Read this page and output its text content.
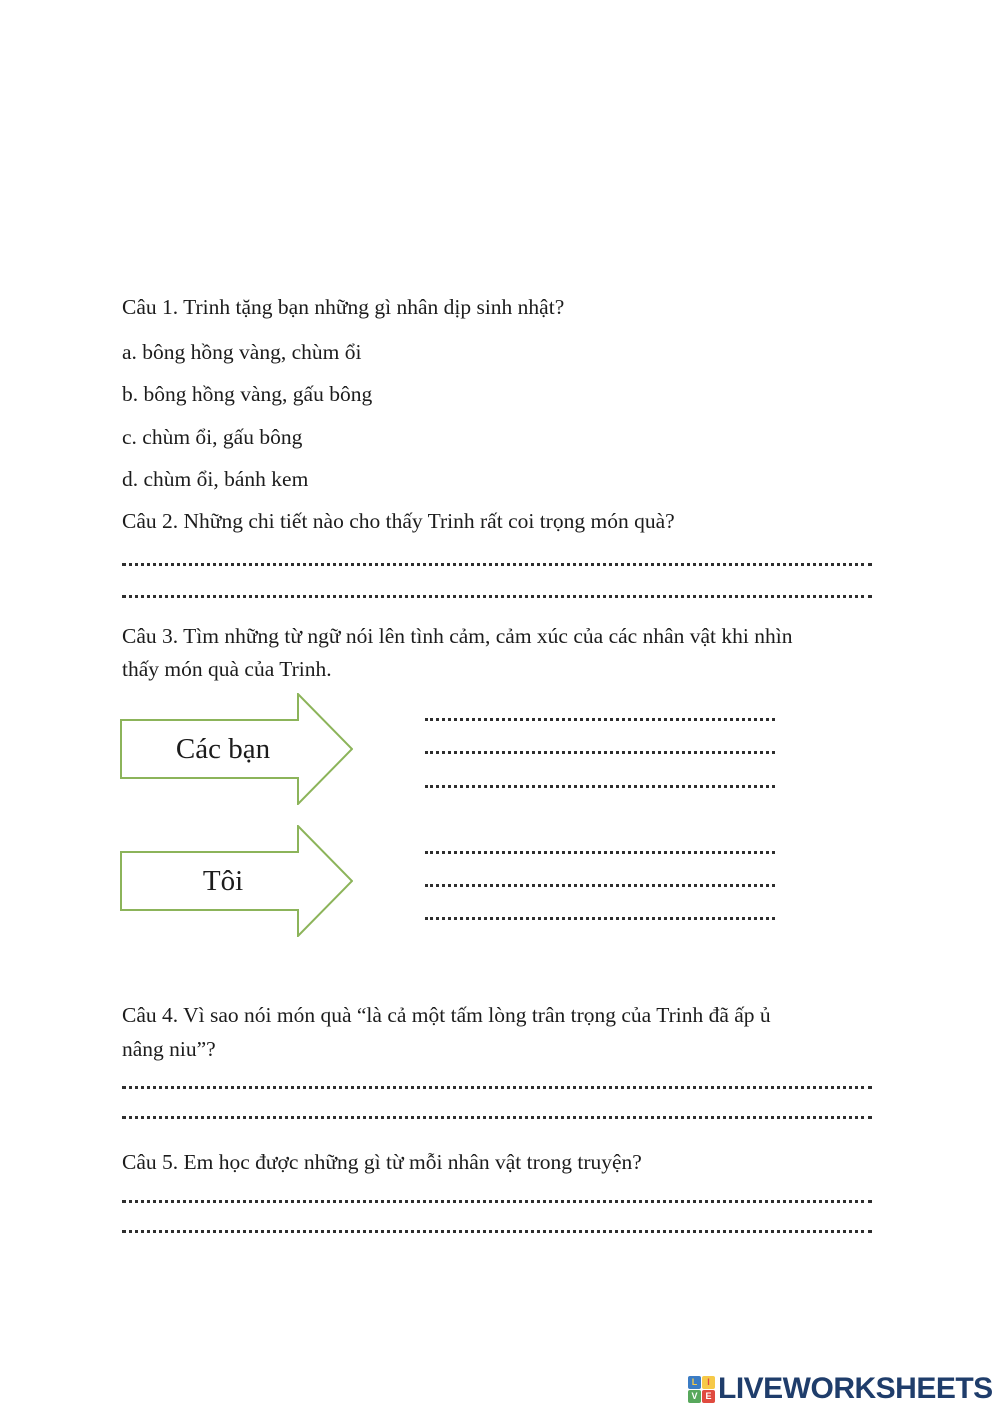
Câu 1. Trinh tặng bạn những gì nhân dịp sinh nhật?
a. bông hồng vàng, chùm ổi
b. bông hồng vàng, gấu bông
c. chùm ổi, gấu bông
d. chùm ổi, bánh kem
Câu 2. Những chi tiết nào cho thấy Trinh rất coi trọng món quà?
Câu 3. Tìm những từ ngữ nói lên tình cảm, cảm xúc của các nhân vật khi nhìn
thấy món quà của Trinh.
Các bạn
Tôi
Câu 4. Vì sao nói món quà “là cả một tấm lòng trân trọng của Trinh đã ấp ủ
nâng niu”?
Câu 5. Em học được những gì từ mỗi nhân vật trong truyện?
L	I
V E LIVEWORKSHEETS
